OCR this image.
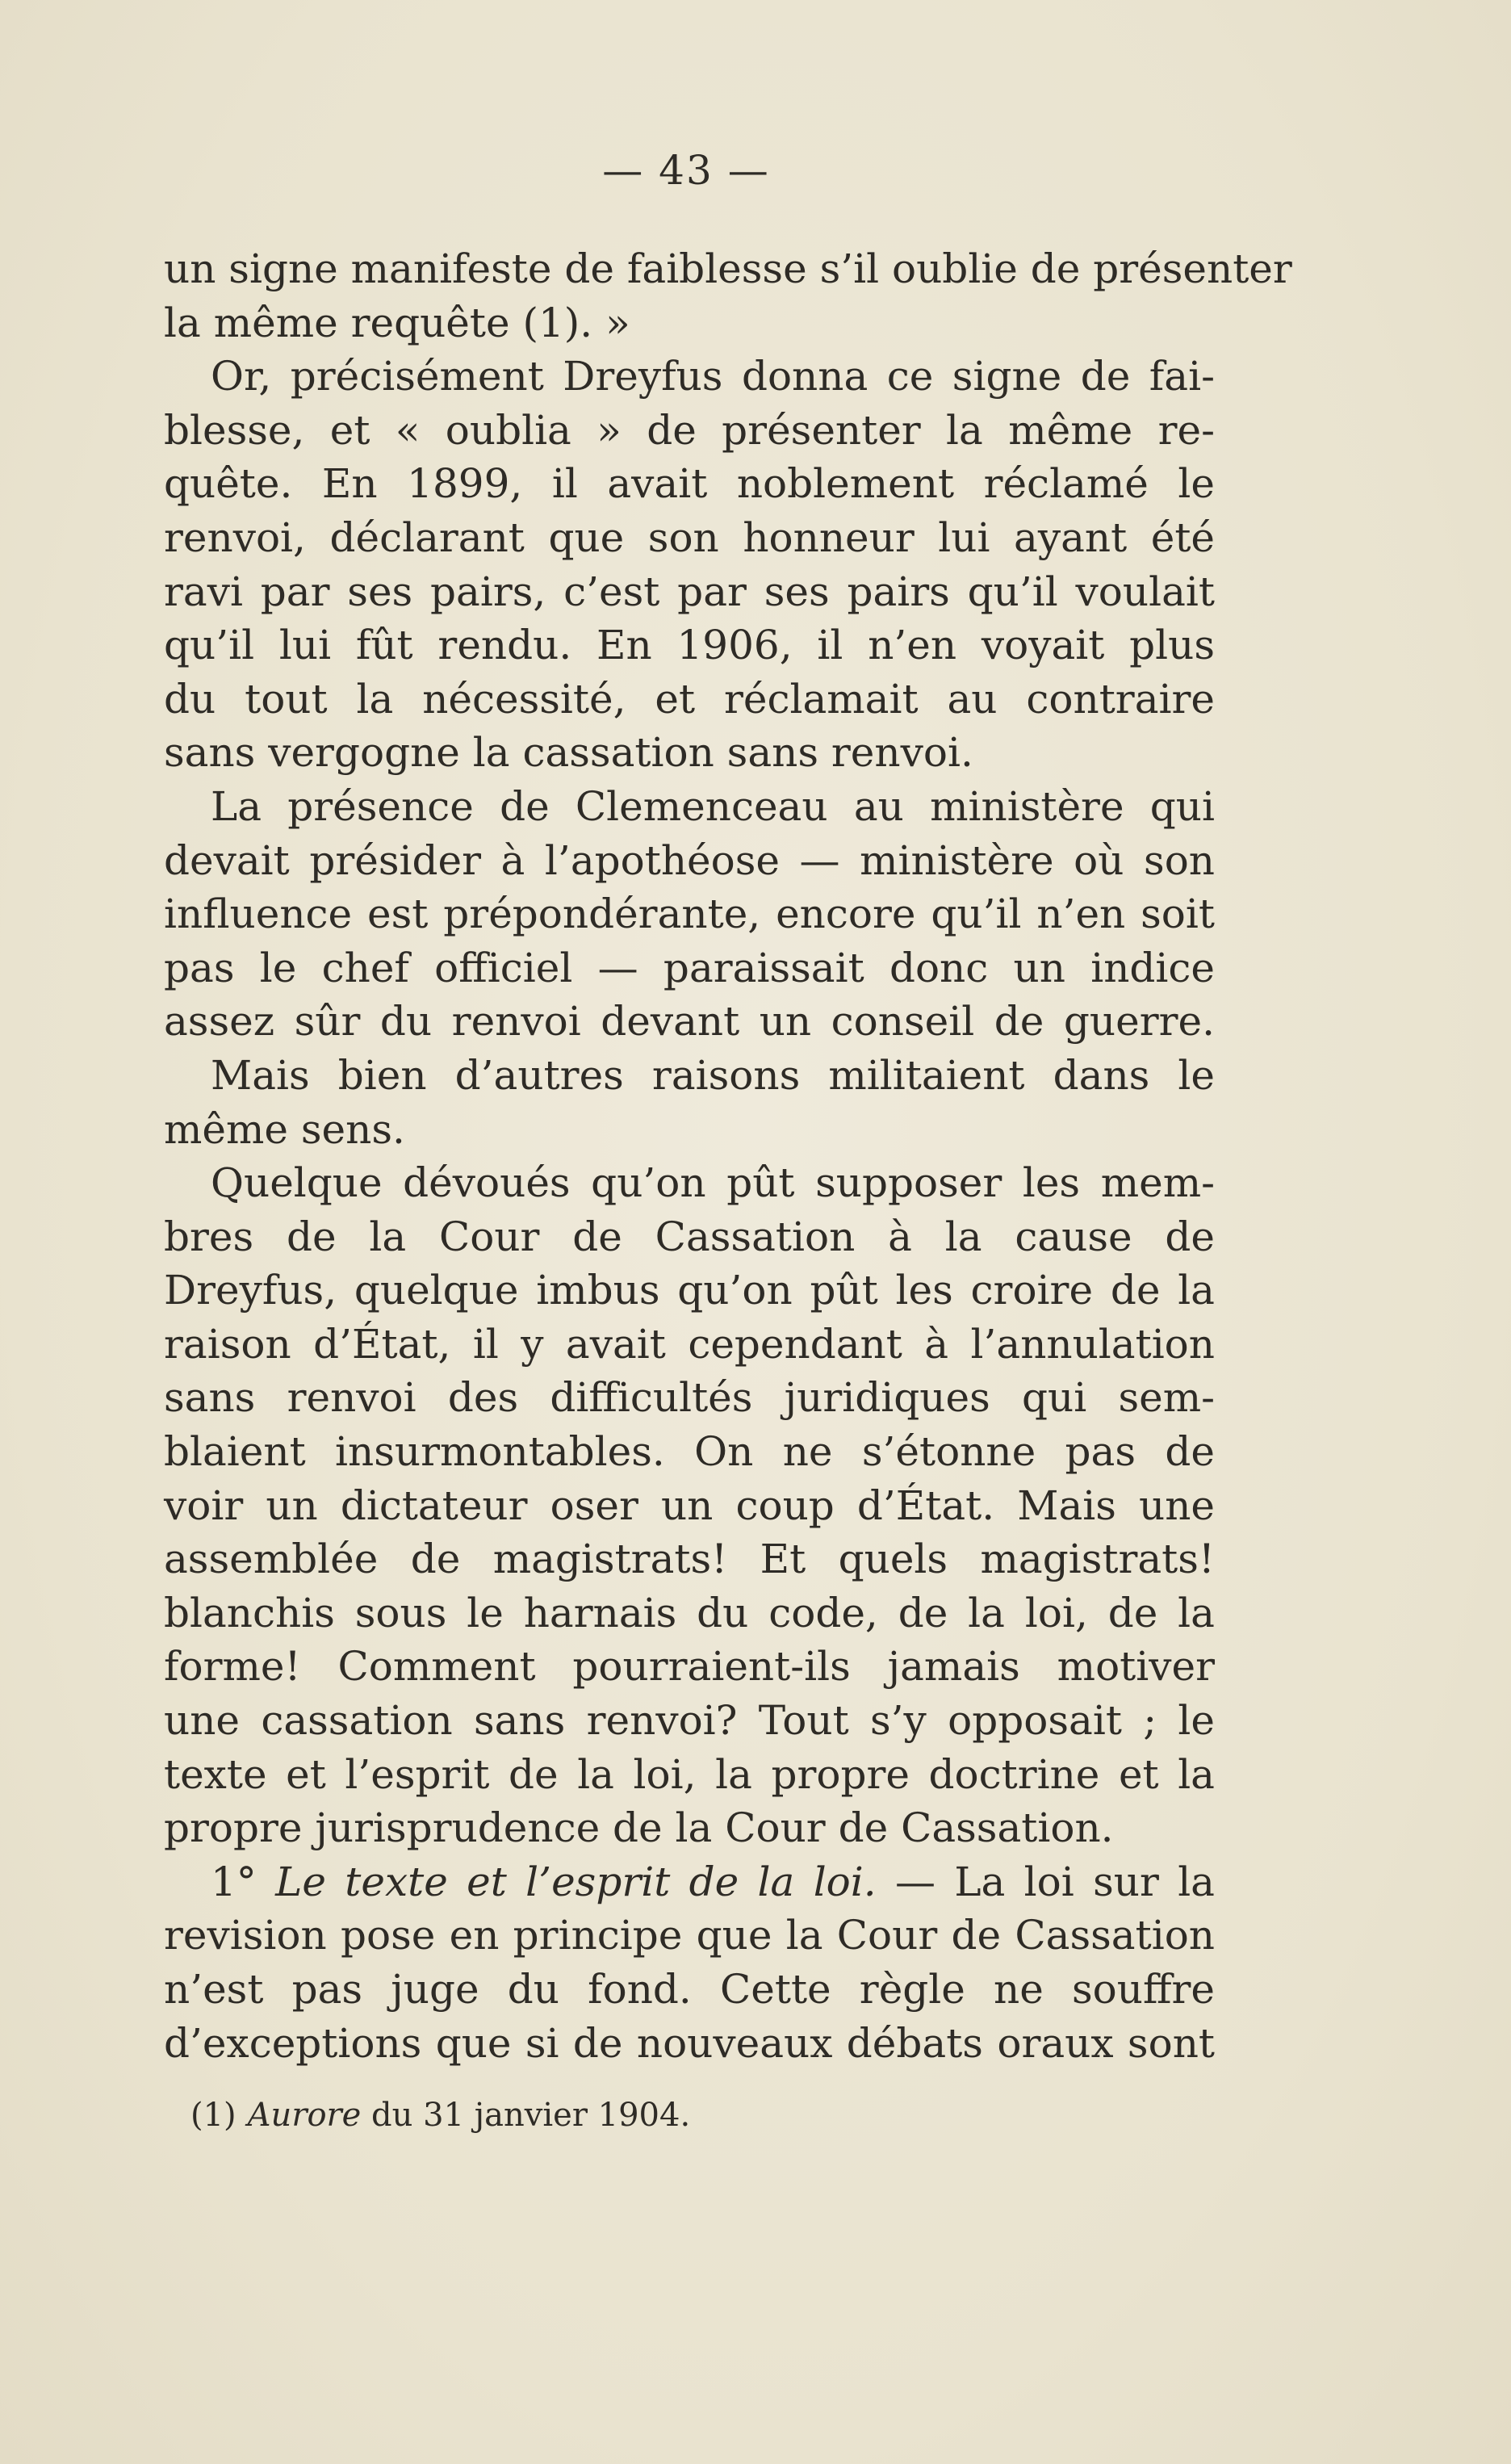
— 43 —
un signe manifeste de faiblesse s’il oublie de présenter
la même requête (1). »
Or, précisément Dreyfus donna ce signe de fai-
blesse, et « oublia » de présenter la même re-
quête. En 1899, il avait noblement réclamé le
renvoi, déclarant que son honneur lui ayant été
ravi par ses pairs, c’est par ses pairs qu’il voulait
qu’il lui fût rendu. En 1906, il n’en voyait plus
du tout la nécessité, et réclamait au contraire
sans vergogne la cassation sans renvoi.
La présence de Clemenceau au ministère qui
devait présider à l’apothéose — ministère où son
influence est prépondérante, encore qu’il n’en soit
pas le chef officiel — paraissait donc un indice
assez sûr du renvoi devant un conseil de guerre.
Mais bien d’autres raisons militaient dans le
même sens.
Quelque dévoués qu’on pût supposer les mem-
bres de la Cour de Cassation à la cause de
Dreyfus, quelque imbus qu’on pût les croire de la
raison d’État, il y avait cependant à l’annulation
sans renvoi des difficultés juridiques qui sem-
blaient insurmontables. On ne s’étonne pas de
voir un dictateur oser un coup d’État. Mais une
assemblée de magistrats! Et quels magistrats!
blanchis sous le harnais du code, de la loi, de la
forme! Comment pourraient-ils jamais motiver
une cassation sans renvoi? Tout s’y opposait ; le
texte et l’esprit de la loi, la propre doctrine et la
propre jurisprudence de la Cour de Cassation.
1° Le texte et l’esprit de la loi. — La loi sur la
revision pose en principe que la Cour de Cassation
n’est pas juge du fond. Cette règle ne souffre
d’exceptions que si de nouveaux débats oraux sont
(1) Aurore du 31 janvier 1904.
